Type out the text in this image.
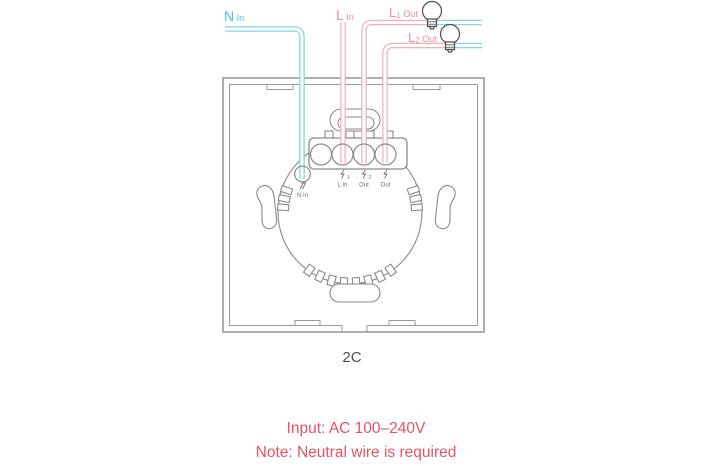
1	2
L In Out Out
N In
N In	L In	L1 Out
L2 Out
2C
Input: AC 100–240V
Note: Neutral wire is required
